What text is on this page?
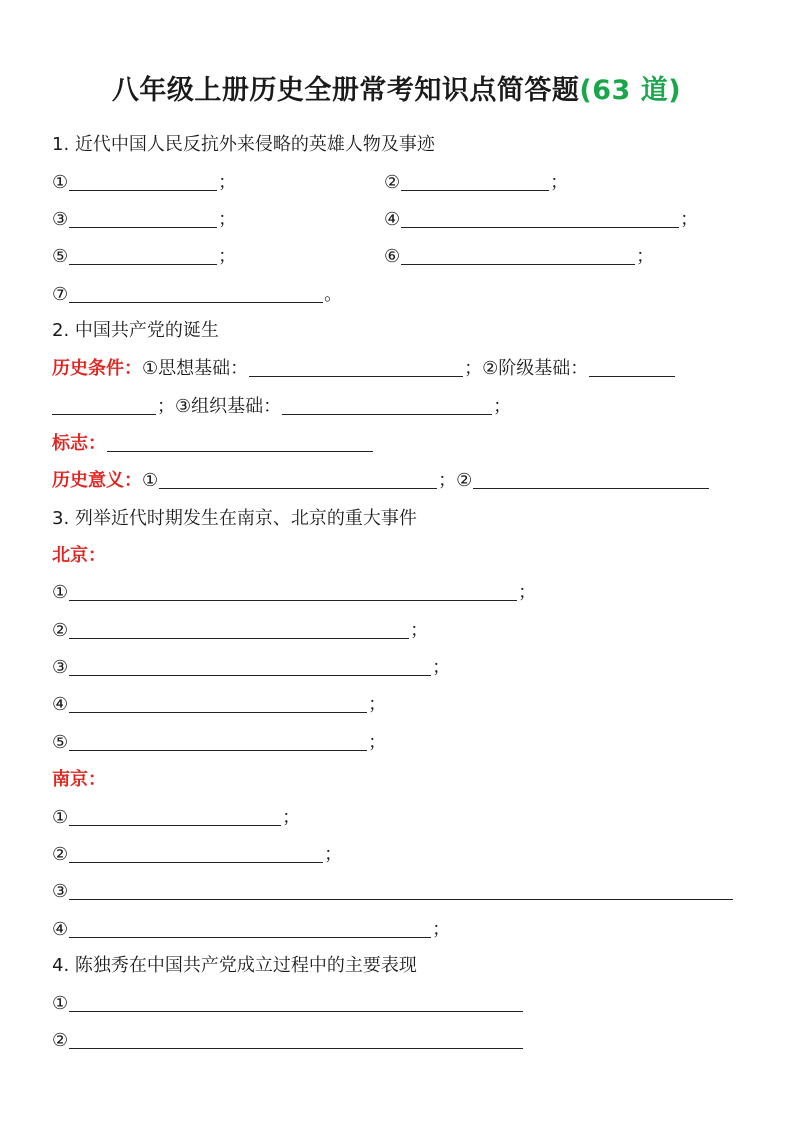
八年级上册历史全册常考知识点简答题(63 道)
1. 近代中国人民反抗外来侵略的英雄人物及事迹
①	；	②	；
③	；	④	；
⑤	；	⑥	；
⑦	。
2. 中国共产党的诞生
历史条件：①思想基础：	；②阶级基础：
；③组织基础：	；
标志：
历史意义：①	；②
3. 列举近代时期发生在南京、北京的重大事件
北京：
①	；
②	；
③	；
④	；
⑤	；
南京：
①	；
②	；
③
④	；
4. 陈独秀在中国共产党成立过程中的主要表现
①
②
